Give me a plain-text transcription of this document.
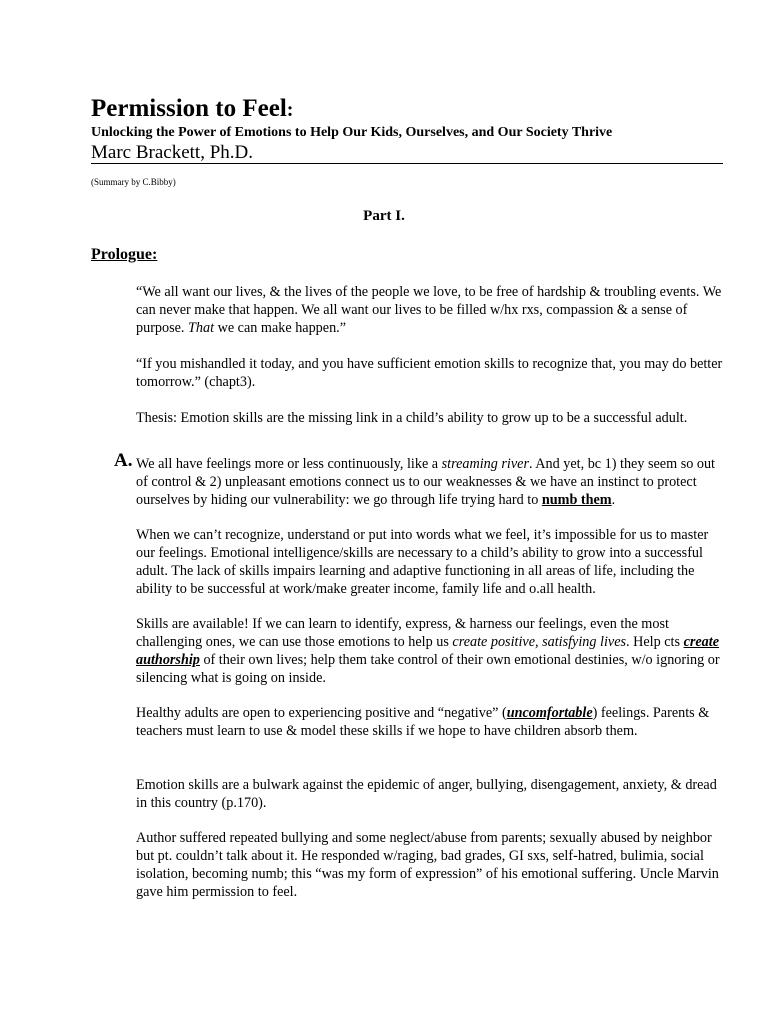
Permission to Feel:
Unlocking the Power of Emotions to Help Our Kids, Ourselves, and Our Society Thrive
Marc Brackett, Ph.D.
(Summary by C.Bibby)
Part I.
Prologue:
“We all want our lives, & the lives of the people we love, to be free of hardship & troubling events. We can never make that happen. We all want our lives to be filled w/hx rxs, compassion & a sense of purpose. That we can make happen.”
“If you mishandled it today, and you have sufficient emotion skills to recognize that, you may do better tomorrow.” (chapt3).
Thesis: Emotion skills are the missing link in a child’s ability to grow up to be a successful adult.
A. We all have feelings more or less continuously, like a streaming river. And yet, bc 1) they seem so out of control & 2) unpleasant emotions connect us to our weaknesses & we have an instinct to protect ourselves by hiding our vulnerability: we go through life trying hard to numb them.
When we can’t recognize, understand or put into words what we feel, it’s impossible for us to master our feelings. Emotional intelligence/skills are necessary to a child’s ability to grow into a successful adult. The lack of skills impairs learning and adaptive functioning in all areas of life, including the ability to be successful at work/make greater income, family life and o.all health.
Skills are available! If we can learn to identify, express, & harness our feelings, even the most challenging ones, we can use those emotions to help us create positive, satisfying lives. Help cts create authorship of their own lives; help them take control of their own emotional destinies, w/o ignoring or silencing what is going on inside.
Healthy adults are open to experiencing positive and “negative” (uncomfortable) feelings. Parents & teachers must learn to use & model these skills if we hope to have children absorb them.
Emotion skills are a bulwark against the epidemic of anger, bullying, disengagement, anxiety, & dread in this country (p.170).
Author suffered repeated bullying and some neglect/abuse from parents; sexually abused by neighbor but pt. couldn’t talk about it. He responded w/raging, bad grades, GI sxs, self-hatred, bulimia, social isolation, becoming numb; this “was my form of expression” of his emotional suffering. Uncle Marvin gave him permission to feel.
